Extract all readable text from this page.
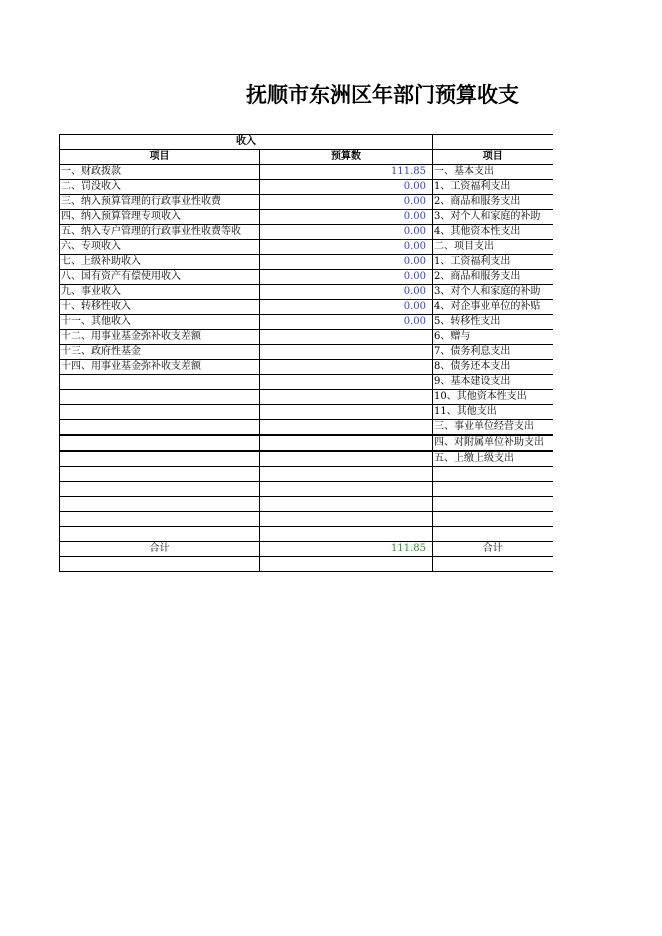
抚顺市东洲区年部门预算收支
收入		
项目	预算数	项目
一、财政拨款	111.85	一、基本支出
二、罚没收入	0.00	1、工资福利支出
三、纳入预算管理的行政事业性收费	0.00	2、商品和服务支出
四、纳入预算管理专项收入	0.00	3、对个人和家庭的补助
五、纳入专户管理的行政事业性收费等收	0.00	4、其他资本性支出
六、专项收入	0.00	二、项目支出
七、上级补助收入	0.00	1、工资福利支出
八、国有资产有偿使用收入	0.00	2、商品和服务支出
九、事业收入	0.00	3、对个人和家庭的补助
十、转移性收入	0.00	4、对企事业单位的补贴
十一、其他收入	0.00	5、转移性支出
十二、用事业基金弥补收支差额		6、赠与
十三、政府性基金		7、债务利息支出
十四、用事业基金弥补收支差额		8、债务还本支出
		9、基本建设支出
		10、其他资本性支出
		11、其他支出
		三、事业单位经营支出
		四、对附属单位补助支出
		五、上缴上级支出

合计	111.85	合计
